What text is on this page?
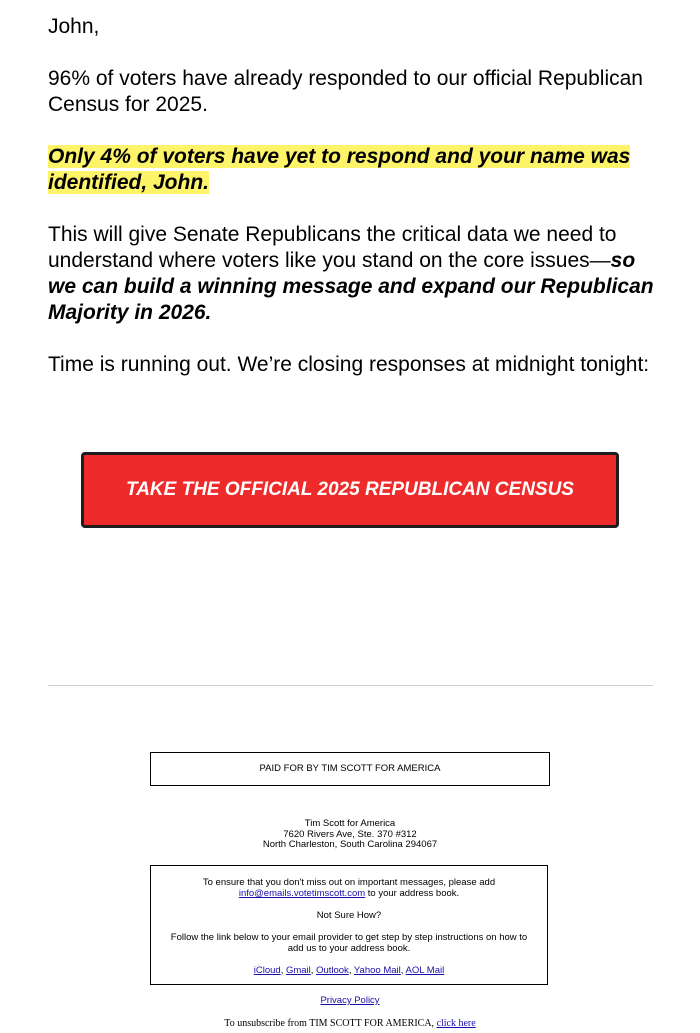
John,

96% of voters have already responded to our official Republican Census for 2025.

Only 4% of voters have yet to respond and your name was identified, John.

This will give Senate Republicans the critical data we need to understand where voters like you stand on the core issues—so we can build a winning message and expand our Republican Majority in 2026.

Time is running out. We’re closing responses at midnight tonight:

TAKE THE OFFICIAL 2025 REPUBLICAN CENSUS
PAID FOR BY TIM SCOTT FOR AMERICA
Tim Scott for America
7620 Rivers Ave, Ste. 370 #312
North Charleston, South Carolina 294067

To ensure that you don't miss out on important messages, please add
info@emails.votetimscott.com to your address book.

Not Sure How?

Follow the link below to your email provider to get step by step instructions on how to add us to your address book.

iCloud, Gmail, Outlook, Yahoo Mail, AOL Mail

Privacy Policy
To unsubscribe from TIM SCOTT FOR AMERICA, click here
